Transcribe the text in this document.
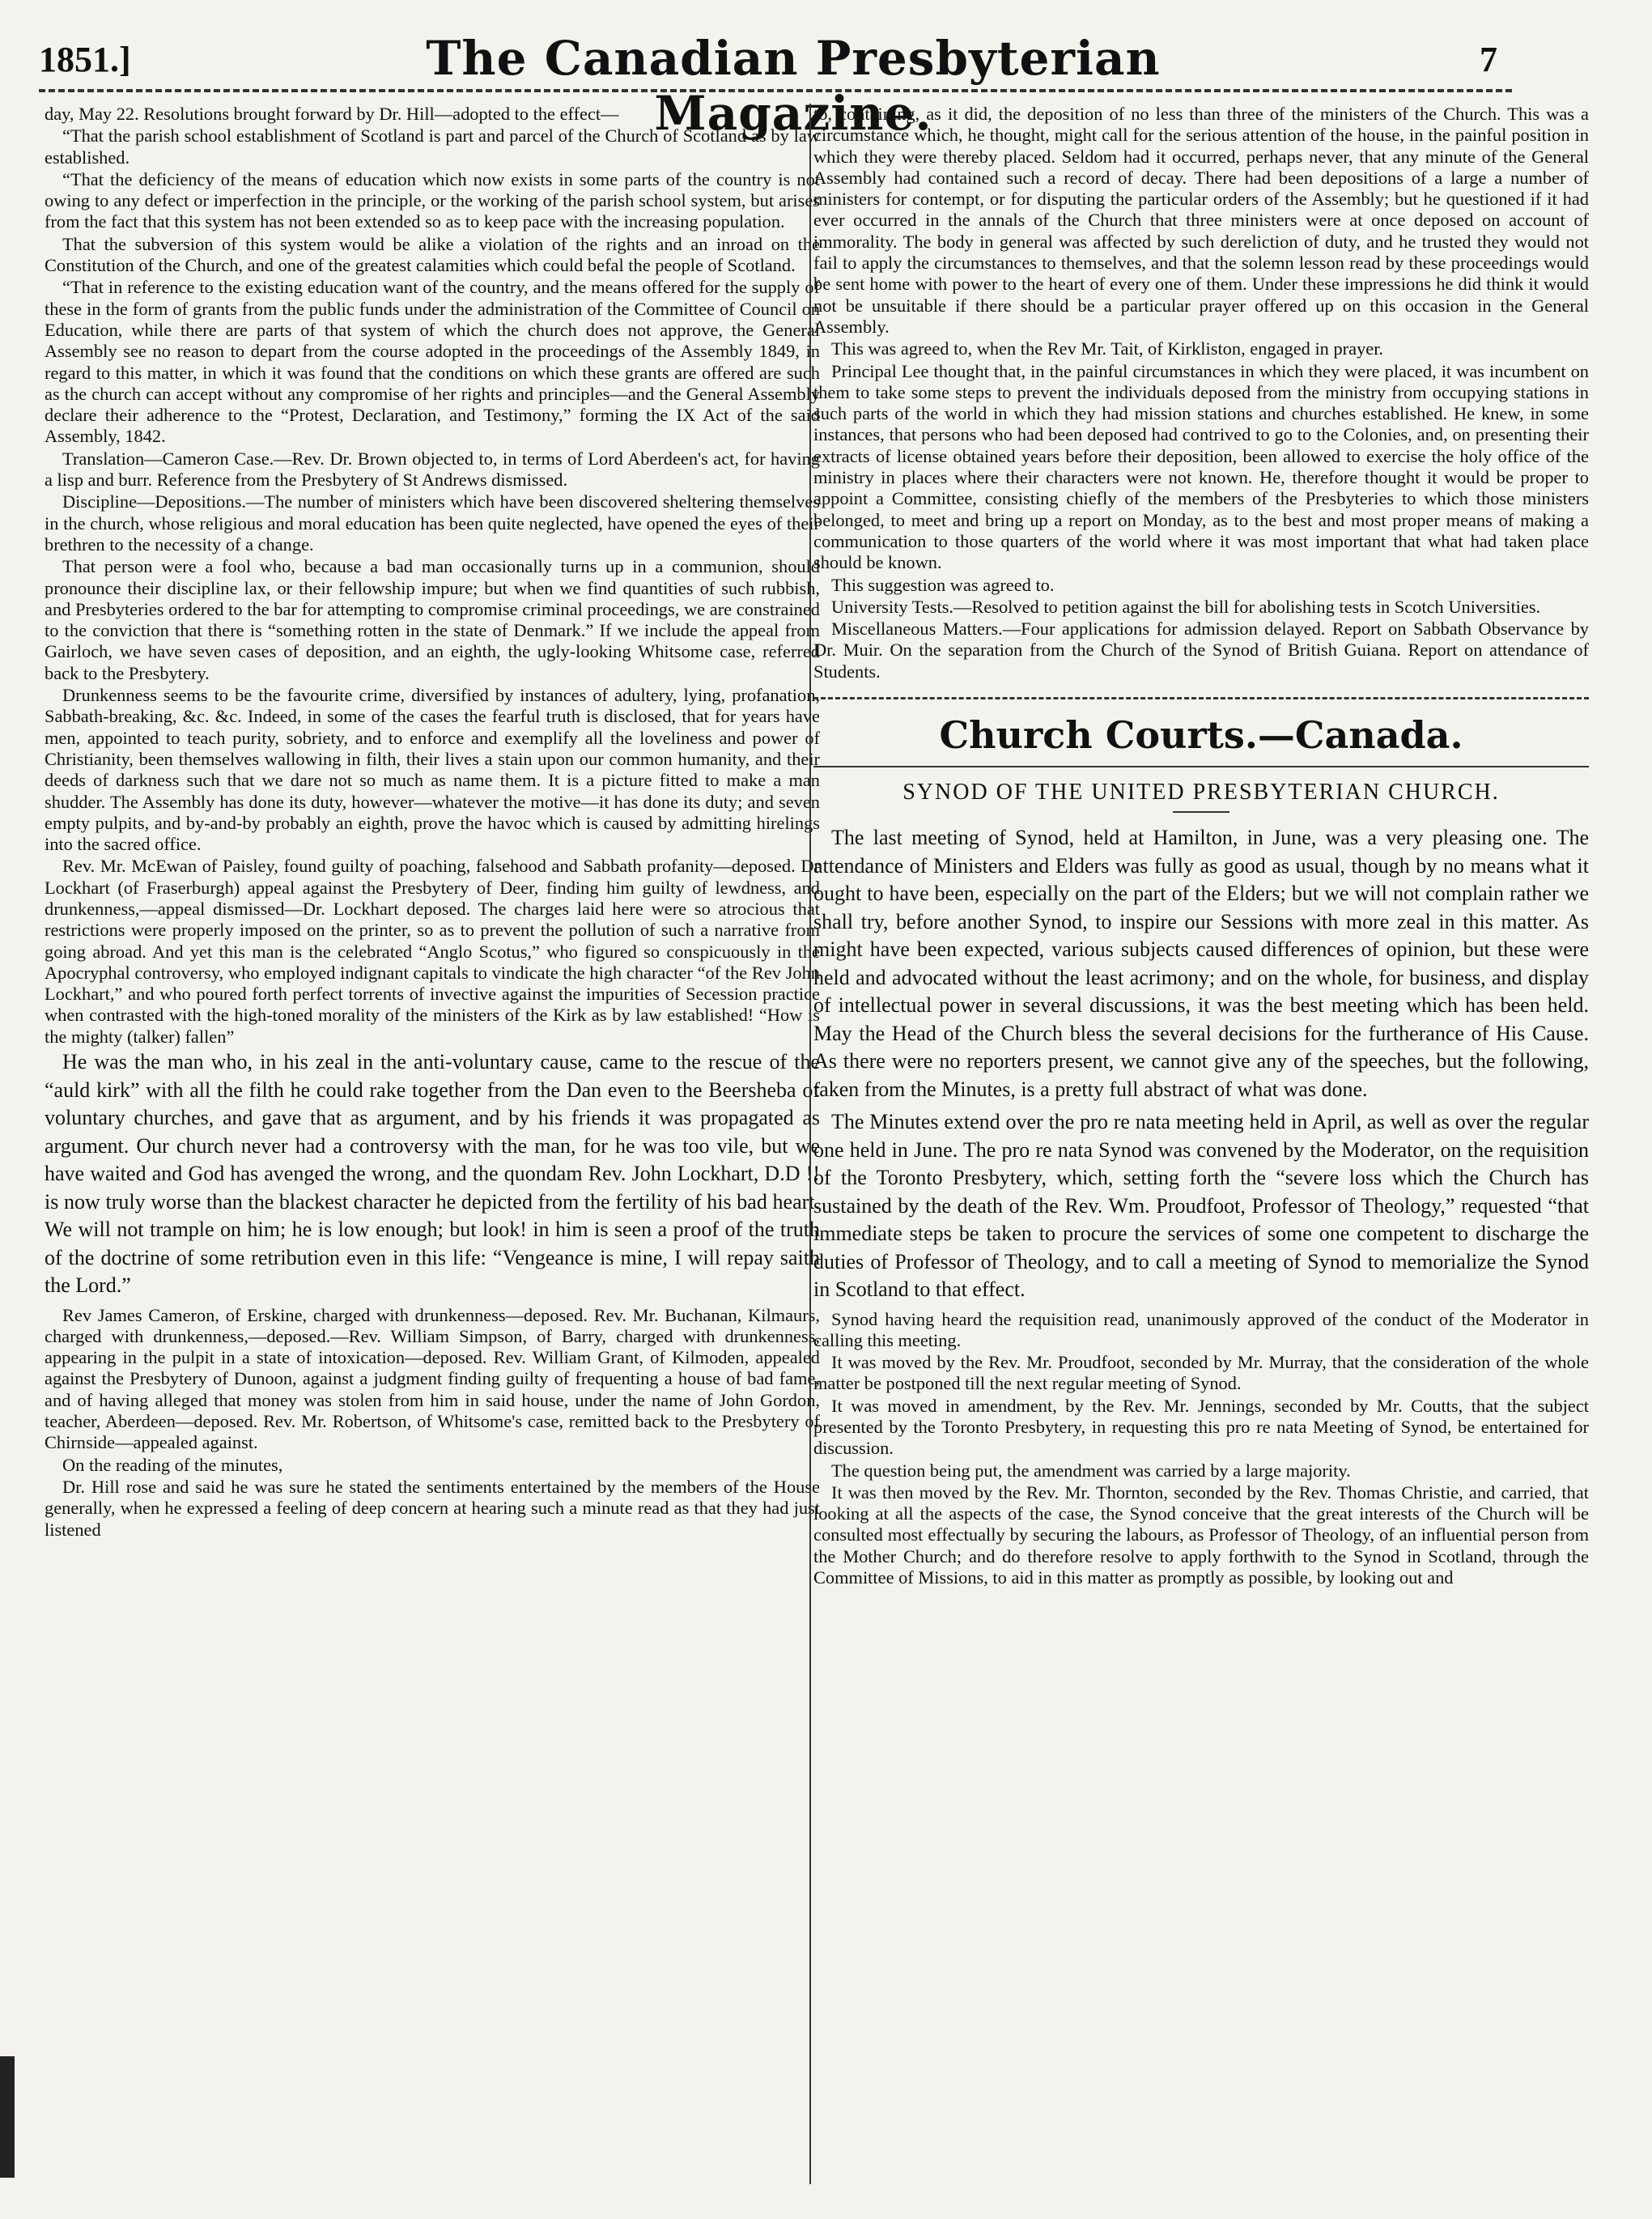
1851.]	The Canadian Presbyterian Magazine.
7

day, May 22. Resolutions brought forward by Dr. Hill—adopted to the effect—

“That the parish school establishment of Scotland is part and parcel of the Church of Scotland as by law established.

“That the deficiency of the means of education which now exists in some parts of the country is not owing to any defect or imperfection in the principle, or the working of the parish school system, but arises from the fact that this system has not been extended so as to keep pace with the increasing population.

That the subversion of this system would be alike a violation of the rights and an inroad on the Constitution of the Church, and one of the greatest calamities which could befal the people of Scotland.

“That in reference to the existing education want of the country, and the means offered for the supply of these in the form of grants from the public funds under the administration of the Committee of Council on Education, while there are parts of that system of which the church does not approve, the General Assembly see no reason to depart from the course adopted in the proceedings of the Assembly 1849, in regard to this matter, in which it was found that the conditions on which these grants are offered are such as the church can accept without any compromise of her rights and principles—and the General Assembly declare their adherence to the “Protest, Declaration, and Testimony,” forming the IX Act of the said Assembly, 1842.

Translation—Cameron Case.—Rev. Dr. Brown objected to, in terms of Lord Aberdeen's act, for having a lisp and burr. Reference from the Presbytery of St Andrews dismissed.

Discipline—Depositions.—The number of ministers which have been discovered sheltering themselves in the church, whose religious and moral education has been quite neglected, have opened the eyes of their brethren to the necessity of a change.

That person were a fool who, because a bad man occasionally turns up in a communion, should pronounce their discipline lax, or their fellowship impure; but when we find quantities of such rubbish, and Presbyteries ordered to the bar for attempting to compromise criminal proceedings, we are constrained to the conviction that there is “something rotten in the state of Denmark.” If we include the appeal from Gairloch, we have seven cases of deposition, and an eighth, the ugly-looking Whitsome case, referred back to the Presbytery.

Drunkenness seems to be the favourite crime, diversified by instances of adultery, lying, profanation, Sabbath-breaking, &c. &c. Indeed, in some of the cases the fearful truth is disclosed, that for years have men, appointed to teach purity, sobriety, and to enforce and exemplify all the loveliness and power of Christianity, been themselves wallowing in filth, their lives a stain upon our common humanity, and their deeds of darkness such that we dare not so much as name them. It is a picture fitted to make a man shudder. The Assembly has done its duty, however—whatever the motive—it has done its duty; and seven empty pulpits, and by-and-by probably an eighth, prove the havoc which is caused by admitting hirelings into the sacred office.

Rev. Mr. McEwan of Paisley, found guilty of poaching, falsehood and Sabbath profanity—deposed. Dr Lockhart (of Fraserburgh) appeal against the Presbytery of Deer, finding him guilty of lewdness, and drunkenness,—appeal dismissed—Dr. Lockhart deposed. The charges laid here were so atrocious that restrictions were properly imposed on the printer, so as to prevent the pollution of such a narrative from going abroad. And yet this man is the celebrated “Anglo Scotus,” who figured so conspicuously in the Apocryphal controversy, who employed indignant capitals to vindicate the high character “of the Rev John Lockhart,” and who poured forth perfect torrents of invective against the impurities of Secession practice when contrasted with the high-toned morality of the ministers of the Kirk as by law established! “How is the mighty (talker) fallen”

He was the man who, in his zeal in the anti-voluntary cause, came to the rescue of the “auld kirk” with all the filth he could rake together from the Dan even to the Beersheba of voluntary churches, and gave that as argument, and by his friends it was propagated as argument. Our church never had a controversy with the man, for he was too vile, but we have waited and God has avenged the wrong, and the quondam Rev. John Lockhart, D.D !! is now truly worse than the blackest character he depicted from the fertility of his bad heart. We will not trample on him; he is low enough; but look! in him is seen a proof of the truth of the doctrine of some retribution even in this life: “Vengeance is mine, I will repay saith the Lord.”

Rev James Cameron, of Erskine, charged with drunkenness—deposed. Rev. Mr. Buchanan, Kilmaurs, charged with drunkenness,—deposed.—Rev. William Simpson, of Barry, charged with drunkenness, appearing in the pulpit in a state of intoxication—deposed. Rev. William Grant, of Kilmoden, appealed against the Presbytery of Dunoon, against a judgment finding guilty of frequenting a house of bad fame, and of having alleged that money was stolen from him in said house, under the name of John Gordon, teacher, Aberdeen—deposed. Rev. Mr. Robertson, of Whitsome's case, remitted back to the Presbytery of Chirnside—appealed against.

On the reading of the minutes,

Dr. Hill rose and said he was sure he stated the sentiments entertained by the members of the House generally, when he expressed a feeling of deep concern at hearing such a minute read as that they had just listened

to, containing, as it did, the deposition of no less than three of the ministers of the Church. This was a circumstance which, he thought, might call for the serious attention of the house, in the painful position in which they were thereby placed. Seldom had it occurred, perhaps never, that any minute of the General Assembly had contained such a record of decay. There had been depositions of a large a number of ministers for contempt, or for disputing the particular orders of the Assembly; but he questioned if it had ever occurred in the annals of the Church that three ministers were at once deposed on account of immorality. The body in general was affected by such dereliction of duty, and he trusted they would not fail to apply the circumstances to themselves, and that the solemn lesson read by these proceedings would be sent home with power to the heart of every one of them. Under these impressions he did think it would not be unsuitable if there should be a particular prayer offered up on this occasion in the General Assembly.

This was agreed to, when the Rev Mr. Tait, of Kirkliston, engaged in prayer.

Principal Lee thought that, in the painful circumstances in which they were placed, it was incumbent on them to take some steps to prevent the individuals deposed from the ministry from occupying stations in such parts of the world in which they had mission stations and churches established. He knew, in some instances, that persons who had been deposed had contrived to go to the Colonies, and, on presenting their extracts of license obtained years before their deposition, been allowed to exercise the holy office of the ministry in places where their characters were not known. He, therefore thought it would be proper to appoint a Committee, consisting chiefly of the members of the Presbyteries to which those ministers belonged, to meet and bring up a report on Monday, as to the best and most proper means of making a communication to those quarters of the world where it was most important that what had taken place should be known.

This suggestion was agreed to.

University Tests.—Resolved to petition against the bill for abolishing tests in Scotch Universities.

Miscellaneous Matters.—Four applications for admission delayed. Report on Sabbath Observance by Dr. Muir. On the separation from the Church of the Synod of British Guiana. Report on attendance of Students.

Church Courts.—Canada.
SYNOD OF THE UNITED PRESBYTERIAN CHURCH.

The last meeting of Synod, held at Hamilton, in June, was a very pleasing one. The attendance of Ministers and Elders was fully as good as usual, though by no means what it ought to have been, especially on the part of the Elders; but we will not complain rather we shall try, before another Synod, to inspire our Sessions with more zeal in this matter. As might have been expected, various subjects caused differences of opinion, but these were held and advocated without the least acrimony; and on the whole, for business, and display of intellectual power in several discussions, it was the best meeting which has been held. May the Head of the Church bless the several decisions for the furtherance of His Cause. As there were no reporters present, we cannot give any of the speeches, but the following, taken from the Minutes, is a pretty full abstract of what was done.

The Minutes extend over the pro re nata meeting held in April, as well as over the regular one held in June. The pro re nata Synod was convened by the Moderator, on the requisition of the Toronto Presbytery, which, setting forth the “severe loss which the Church has sustained by the death of the Rev. Wm. Proudfoot, Professor of Theology,” requested “that immediate steps be taken to procure the services of some one competent to discharge the duties of Professor of Theology, and to call a meeting of Synod to memorialize the Synod in Scotland to that effect.

Synod having heard the requisition read, unanimously approved of the conduct of the Moderator in calling this meeting.

It was moved by the Rev. Mr. Proudfoot, seconded by Mr. Murray, that the consideration of the whole matter be postponed till the next regular meeting of Synod.

It was moved in amendment, by the Rev. Mr. Jennings, seconded by Mr. Coutts, that the subject presented by the Toronto Presbytery, in requesting this pro re nata Meeting of Synod, be entertained for discussion.

The question being put, the amendment was carried by a large majority.

It was then moved by the Rev. Mr. Thornton, seconded by the Rev. Thomas Christie, and carried, that looking at all the aspects of the case, the Synod conceive that the great interests of the Church will be consulted most effectually by securing the labours, as Professor of Theology, of an influential person from the Mother Church; and do therefore resolve to apply forthwith to the Synod in Scotland, through the Committee of Missions, to aid in this matter as promptly as possible, by looking out and
